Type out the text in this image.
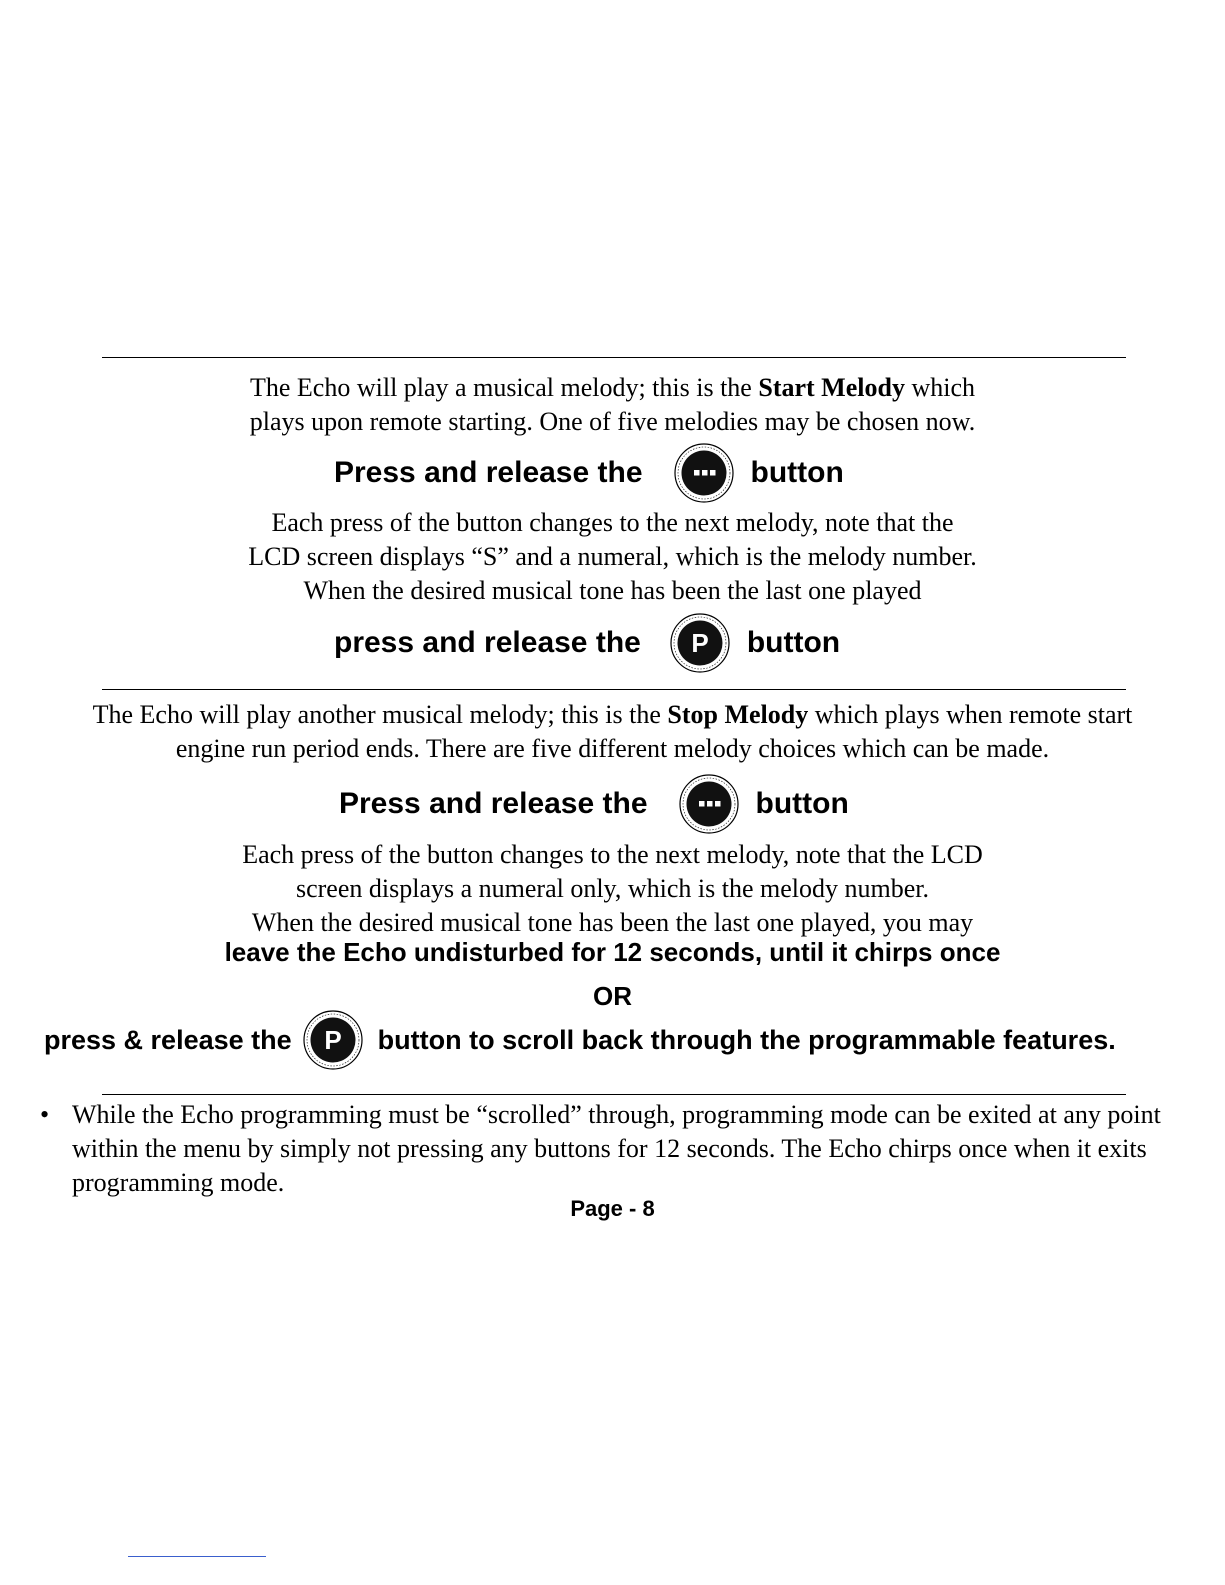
The Echo will play a musical melody; this is the Start Melody which
plays upon remote starting. One of five melodies may be chosen now.
Press and release the	button
Each press of the button changes to the next melody, note that the
LCD screen displays “S” and a numeral, which is the melody number.
When the desired musical tone has been the last one played
press and release the P button
The Echo will play another musical melody; this is the Stop Melody which plays when remote start
engine run period ends. There are five different melody choices which can be made.
Press and release the	button
Each press of the button changes to the next melody, note that the LCD
screen displays a numeral only, which is the melody number.
When the desired musical tone has been the last one played, you may
leave the Echo undisturbed for 12 seconds, until it chirps once
OR
press & release the P button to scroll back through the programmable features.
• While the Echo programming must be “scrolled” through, programming mode can be exited at any point within the menu by simply not pressing any buttons for 12 seconds. The Echo chirps once when it exits programming mode.
Page - 8
